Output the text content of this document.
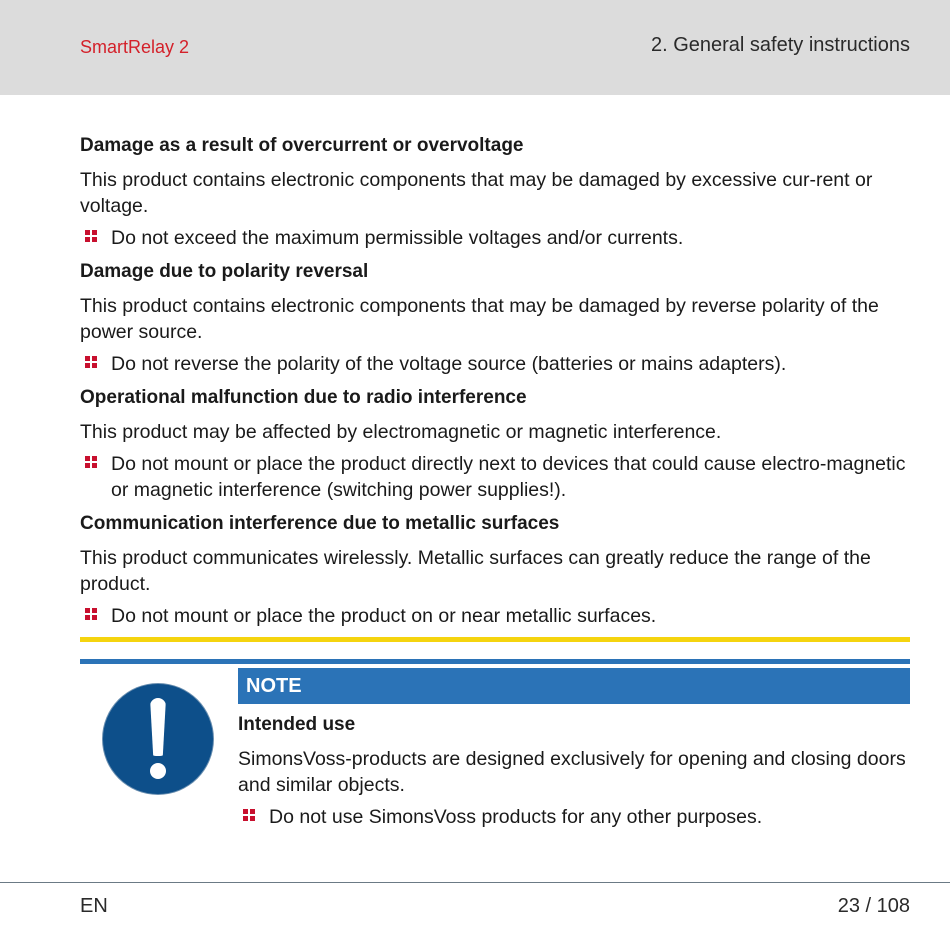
SmartRelay 2	2. General safety instructions
Damage as a result of overcurrent or overvoltage
This product contains electronic components that may be damaged by excessive cur-rent or voltage.
Do not exceed the maximum permissible voltages and/or currents.
Damage due to polarity reversal
This product contains electronic components that may be damaged by reverse polarity of the power source.
Do not reverse the polarity of the voltage source (batteries or mains adapters).
Operational malfunction due to radio interference
This product may be affected by electromagnetic or magnetic interference.
Do not mount or place the product directly next to devices that could cause electro-magnetic or magnetic interference (switching power supplies!).
Communication interference due to metallic surfaces
This product communicates wirelessly. Metallic surfaces can greatly reduce the range of the product.
Do not mount or place the product on or near metallic surfaces.
NOTE
Intended use
SimonsVoss-products are designed exclusively for opening and closing doors and similar objects.
Do not use SimonsVoss products for any other purposes.
EN	23 / 108
